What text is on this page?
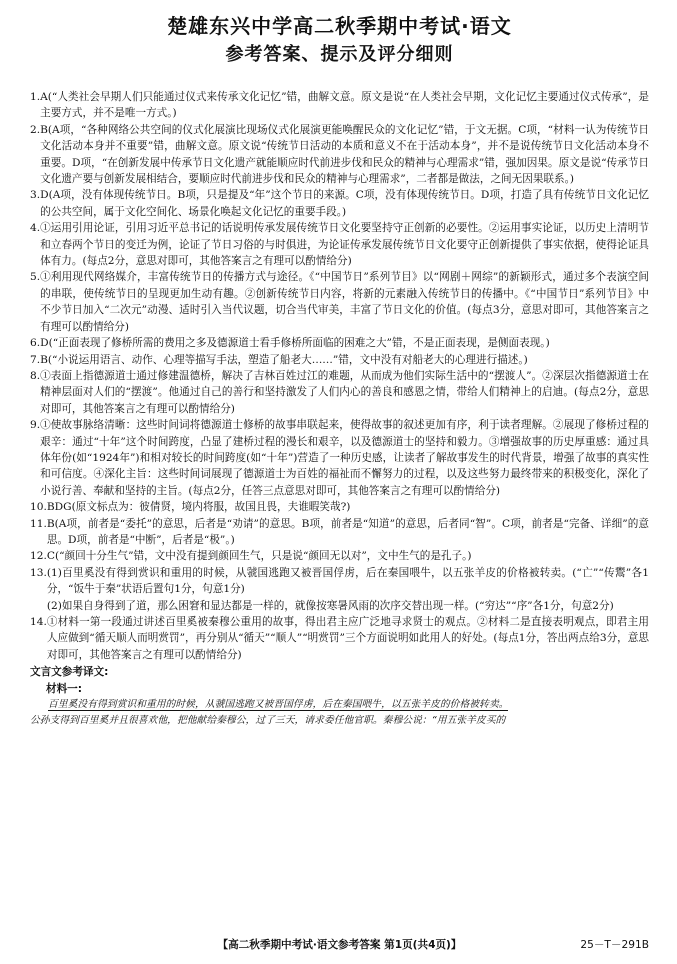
楚雄东兴中学高二秋季期中考试·语文
参考答案、提示及评分细则
1. A(“人类社会早期人们只能通过仪式来传承文化记忆”错，曲解文意。原文是说“在人类社会早期，文化记忆主要通过仪式传承”，是主要方式，并不是唯一方式。)
2. B(A项，“各种网络公共空间的仪式化展演比现场仪式化展演更能唤醒民众的文化记忆”错，于文无据。C项，“材料一认为传统节日文化活动本身并不重要”错，曲解文意。原文说“传统节日活动的本质和意义不在于活动本身”，并不是说传统节日文化活动本身不重要。D项，“在创新发展中传承节日文化遗产就能顺应时代前进步伐和民众的精神与心理需求”错，强加因果。原文是说“传承节日文化遗产要与创新发展相结合，要顺应时代前进步伐和民众的精神与心理需求”，二者都是做法，之间无因果联系。)
3. D(A项，没有体现传统节日。B项，只是提及“年”这个节日的来源。C项，没有体现传统节日。D项，打造了具有传统节日文化记忆的公共空间，属于文化空间化、场景化唤起文化记忆的重要手段。)
4. ①运用引用论证，引用习近平总书记的话说明传承发展传统节日文化要坚持守正创新的必要性。②运用事实论证，以历史上清明节和立春两个节日的变迁为例，论证了节日习俗的与时俱进，为论证传承发展传统节日文化要守正创新提供了事实依据，使得论证具体有力。(每点2分，意思对即可，其他答案言之有理可以酌情给分)
5. ①利用现代网络媒介，丰富传统节日的传播方式与途径。《“中国节日”系列节目》以“网剧＋网综”的新颖形式，通过多个表演空间的串联，使传统节日的呈现更加生动有趣。②创新传统节日内容，将新的元素融入传统节日的传播中。《“中国节日”系列节目》中不少节日加入“二次元”动漫、适时引入当代议题，切合当代审美，丰富了节日文化的价值。(每点3分，意思对即可，其他答案言之有理可以酌情给分)
6. D(“正面表现了修桥所需的费用之多及德源道士看手修桥所面临的困难之大”错，不是正面表现，是侧面表现。)
7. B(“小说运用语言、动作、心理等描写手法，塑造了船老大……”错，文中没有对船老大的心理进行描述。)
8. ①表面上指德源道士通过修建温德桥，解决了吉林百姓过江的难题，从而成为他们实际生活中的“摆渡人”。②深层次指德源道士在精神层面对人们的“摆渡”。他通过自己的善行和坚持激发了人们内心的善良和感恩之情，带给人们精神上的启迪。(每点2分，意思对即可，其他答案言之有理可以酌情给分)
9. ①使故事脉络清晰：这些时间词将德源道士修桥的故事串联起来，使得故事的叙述更加有序，利于读者理解。②展现了修桥过程的艰辛：通过“十年”这个时间跨度，凸显了建桥过程的漫长和艰辛，以及德源道士的坚持和毅力。③增强故事的历史厚重感：通过具体年份(如“1924年”)和相对较长的时间跨度(如“十年”)营造了一种历史感，让读者了解故事发生的时代背景，增强了故事的真实性和可信度。④深化主旨：这些时间词展现了德源道士为百姓的福祉而不懈努力的过程，以及这些努力最终带来的积极变化，深化了小说行善、奉献和坚持的主旨。(每点2分，任答三点意思对即可，其他答案言之有理可以酌情给分)
10. BDG(原文标点为：彼倩贤，境内将服，故国且畏，夫谁暇笑哉?)
11. B(A项，前者是“委托”的意思，后者是“劝请”的意思。B项，前者是“知道”的意思，后者同“智”。C项，前者是“完备、详细”的意思。D项，前者是“中断”，后者是“极”。)
12. C(“颜回十分生气”错，文中没有提到颜回生气，只是说“颜回无以对”，文中生气的是孔子。)
13. (1)百里奚没有得到赏识和重用的时候，从虢国逃跑又被晋国俘虏，后在秦国喂牛，以五张羊皮的价格被转卖。(“亡”“传鬻”各1分，“饭牛于秦”状语后置句1分，句意1分)

(2)如果自身得到了道，那么困窘和显达都是一样的，就像按寒暑风雨的次序交替出现一样。(“穷达”“序”各1分，句意2分)

14. ①材料一第一段通过讲述百里奚被秦穆公重用的故事，得出君主应广泛地寻求贤士的观点。②材料二是直接表明观点，即君主用人应做到“循天顺人而明赏罚”，再分别从“循天”“顺人”“明赏罚”三个方面说明如此用人的好处。(每点1分，答出两点给3分，意思对即可，其他答案言之有理可以酌情给分)
文言文参考译文:
材料一:
百里奚没有得到赏识和重用的时候，从虢国逃跑又被晋国俘虏，后在秦国喂牛，以五张羊皮的价格被转卖。
公孙支得到百里奚并且很喜欢他，把他献给秦穆公，过了三天，请求委任他官职。秦穆公说：“用五张羊皮买的
【高二秋季期中考试·语文参考答案 第1页(共4页)】	25－T－291B
